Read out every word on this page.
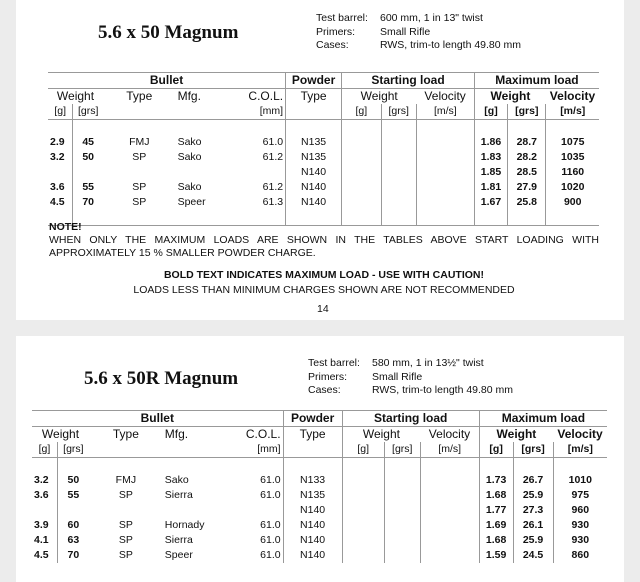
5.6 x 50 Magnum
Test barrel:	600 mm, 1 in 13" twist
Primers:	Small Rifle
Cases:	RWS, trim-to length 49.80 mm
Bullet					Powder	Starting load			Maximum load		
Weight		Type	Mfg.	C.O.L.	Type	Weight		Velocity	Weight		Velocity
[g]	[grs]			[mm]		[g]	[grs]	[m/s]	[g]	[grs]	[m/s]

2.9	45	FMJ	Sako	61.0	N135				1.86	28.7	1075
3.2	50	SP	Sako	61.2	N135				1.83	28.2	1035
					N140				1.85	28.5	1160
3.6	55	SP	Sako	61.2	N140				1.81	27.9	1020
4.5	70	SP	Speer	61.3	N140				1.67	25.8	900

NOTE!
WHEN ONLY THE MAXIMUM LOADS ARE SHOWN IN THE TABLES ABOVE START LOADING WITH APPROXIMATELY 15 % SMALLER POWDER CHARGE.
BOLD TEXT INDICATES MAXIMUM LOAD - USE WITH CAUTION!
LOADS LESS THAN MINIMUM CHARGES SHOWN ARE NOT RECOMMENDED
14
5.6 x 50R Magnum
Test barrel:	580 mm, 1 in 13½" twist
Primers:	Small Rifle
Cases:	RWS, trim-to length 49.80 mm
Bullet					Powder	Starting load			Maximum load		
Weight		Type	Mfg.	C.O.L.	Type	Weight		Velocity	Weight		Velocity
[g]	[grs]			[mm]		[g]	[grs]	[m/s]	[g]	[grs]	[m/s]

3.2	50	FMJ	Sako	61.0	N133				1.73	26.7	1010
3.6	55	SP	Sierra	61.0	N135				1.68	25.9	975
					N140				1.77	27.3	960
3.9	60	SP	Hornady	61.0	N140				1.69	26.1	930
4.1	63	SP	Sierra	61.0	N140				1.68	25.9	930
4.5	70	SP	Speer	61.0	N140				1.59	24.5	860
